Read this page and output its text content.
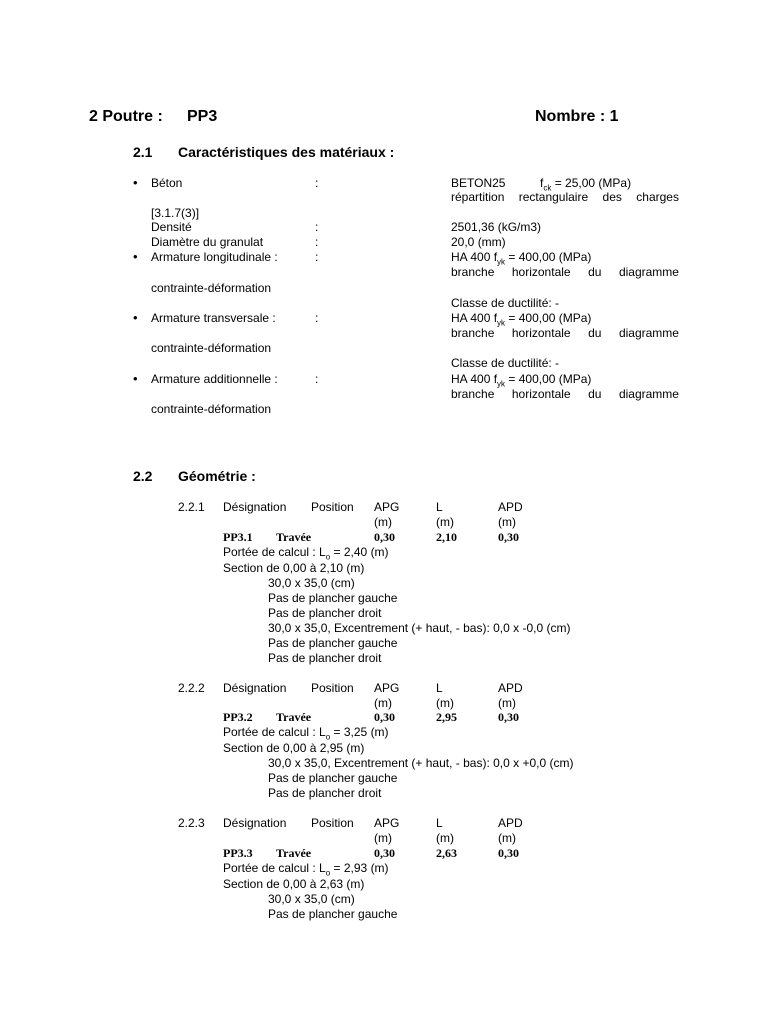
2 Poutre : PP3	Nombre : 1
2.1 Caractéristiques des matériaux :
• Béton	:	BETON25	$f_{ck} = 25,00$ (MPa)
répartition rectangulaire des charges
[3.1.7(3)]
Densité	:	2501,36 (kG/m3)
Diamètre du granulat	:	20,0 (mm)
• Armature longitudinale :	:	HA 400 $f_{yk} = 400,00$ (MPa)
branche horizontale du diagramme
contrainte-déformation
Classe de ductilité: -
• Armature transversale :	:	HA 400 $f_{yk} = 400,00$ (MPa)
branche horizontale du diagramme
contrainte-déformation
Classe de ductilité: -
• Armature additionnelle :	:	HA 400 $f_{yk} = 400,00$ (MPa)
branche horizontale du diagramme
contrainte-déformation
2.2 Géométrie :
2.2.1 Désignation Position APG	L	APD
(m)	(m)	(m)
PP3.1 Travée	0,30	2,10	0,30
Portée de calcul : $L_o = 2,40$ (m)
Section de 0,00 à 2,10 (m)
30,0 x 35,0 (cm)
Pas de plancher gauche
Pas de plancher droit
30,0 x 35,0, Excentrement (+ haut, - bas): 0,0 x -0,0 (cm)
Pas de plancher gauche
Pas de plancher droit
2.2.2 Désignation Position APG	L	APD
(m)	(m)	(m)
PP3.2 Travée	0,30	2,95	0,30
Portée de calcul : $L_o = 3,25$ (m)
Section de 0,00 à 2,95 (m)
30,0 x 35,0, Excentrement (+ haut, - bas): 0,0 x +0,0 (cm)
Pas de plancher gauche
Pas de plancher droit
2.2.3 Désignation Position APG	L	APD
(m)	(m)	(m)
PP3.3 Travée	0,30	2,63	0,30
Portée de calcul : $L_o = 2,93$ (m)
Section de 0,00 à 2,63 (m)
30,0 x 35,0 (cm)
Pas de plancher gauche
